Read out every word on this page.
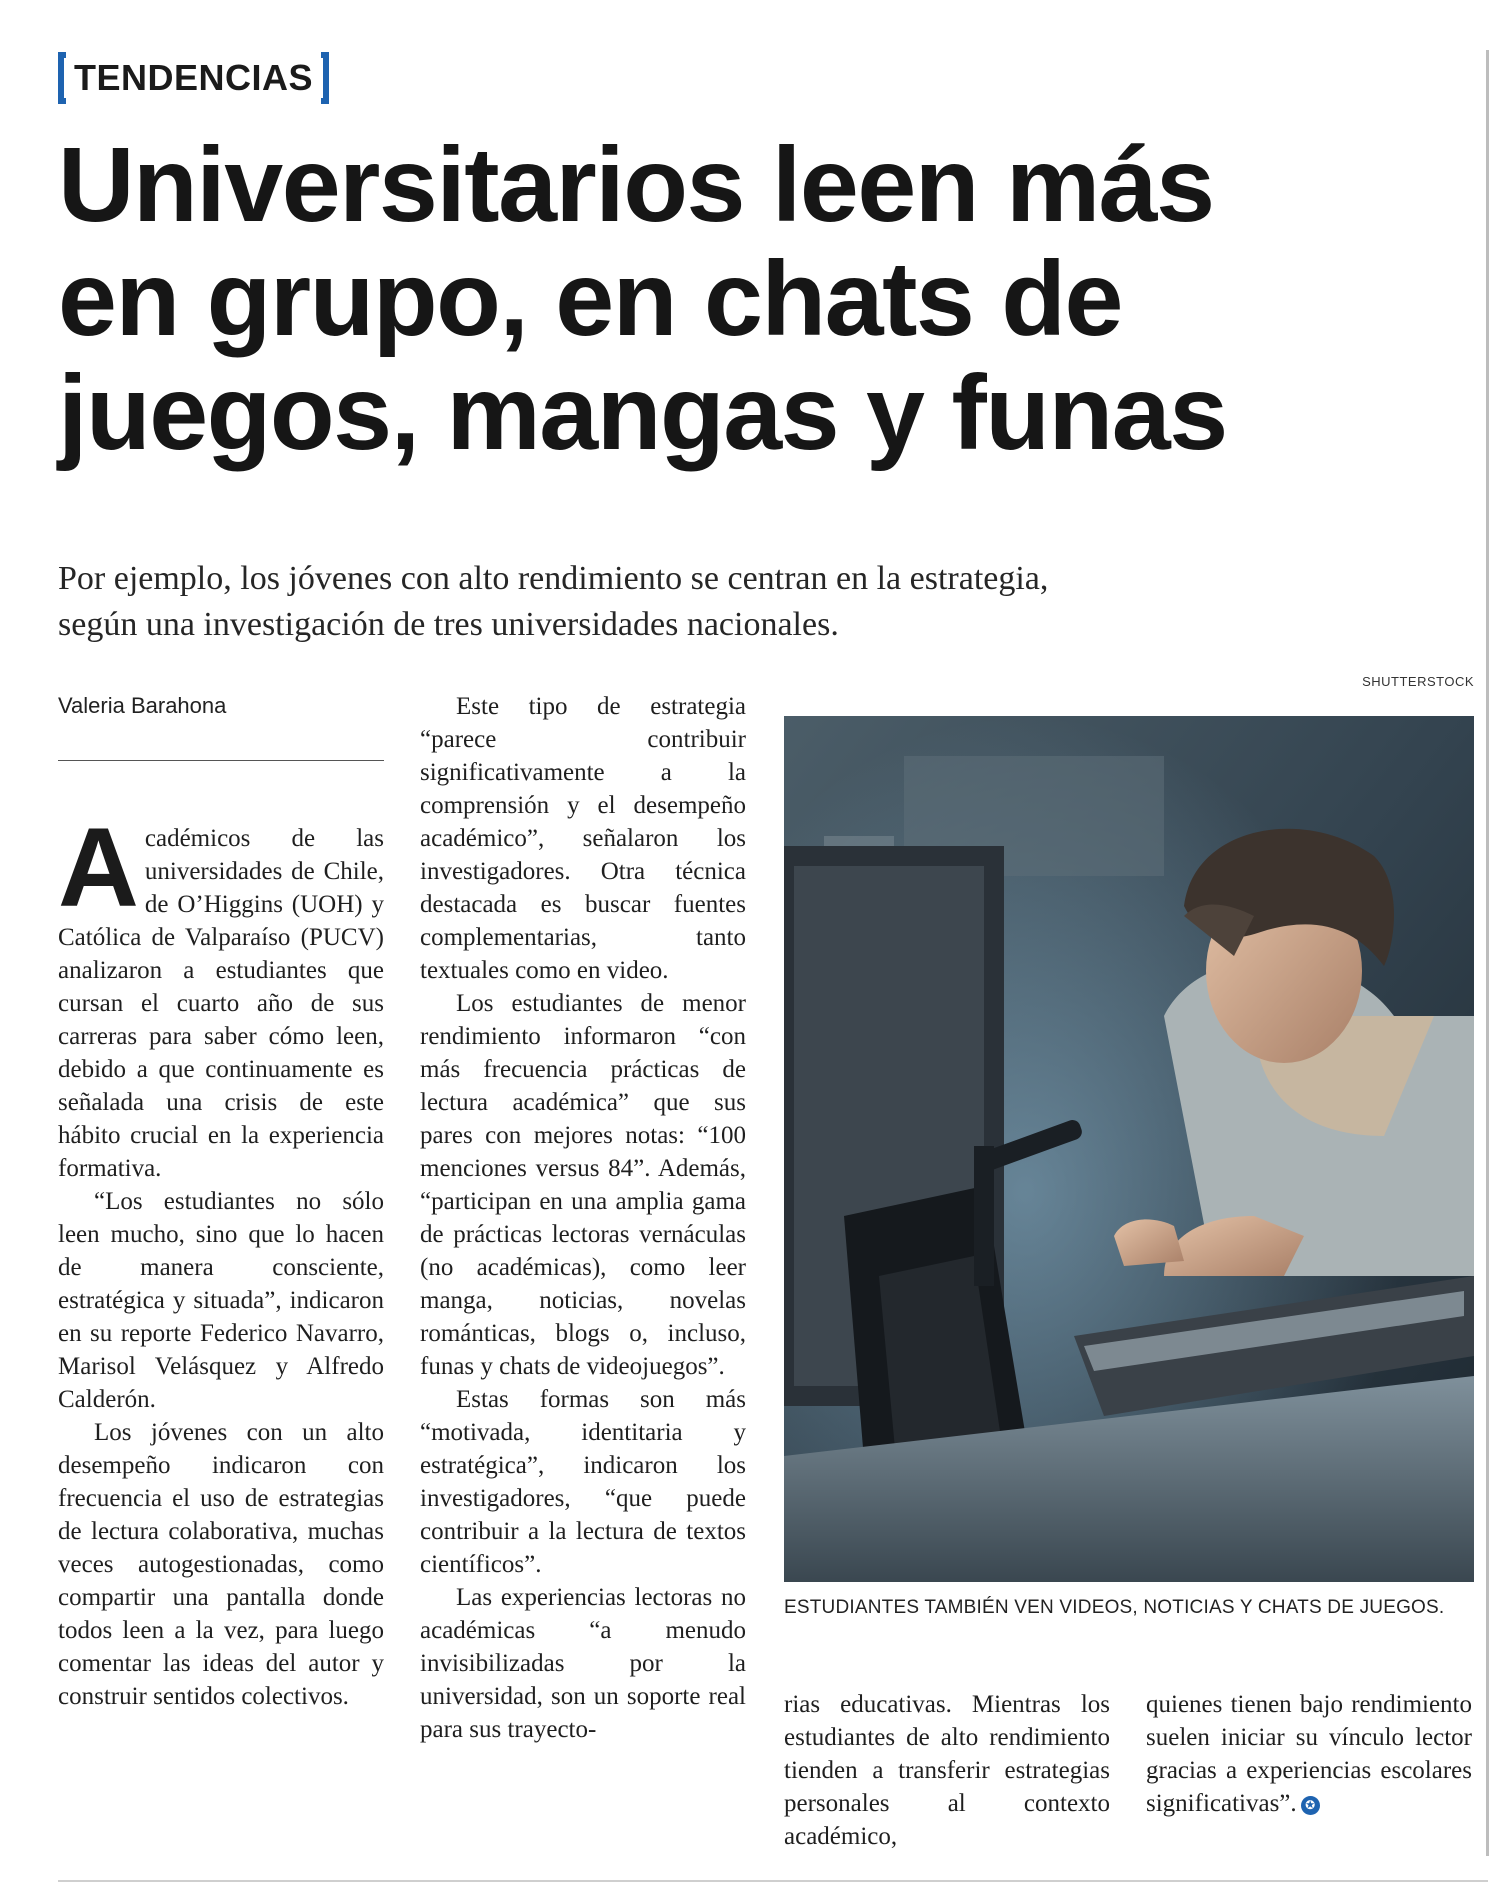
TENDENCIAS
Universitarios leen más
en grupo, en chats de
juegos, mangas y funas
Por ejemplo, los jóvenes con alto rendimiento se centran en la estrategia,
según una investigación de tres universidades nacionales.
SHUTTERSTOCK
Valeria Barahona

Académicos de las universidades de Chile, de O’Higgins (UOH) y Católica de Valparaíso (PUCV) analizaron a estudiantes que cursan el cuarto año de sus carreras para saber cómo leen, debido a que continuamente es señalada una crisis de este hábito crucial en la experiencia formativa.

“Los estudiantes no sólo leen mucho, sino que lo hacen de manera consciente, estratégica y situada”, indicaron en su reporte Federico Navarro, Marisol Velásquez y Alfredo Calderón.

Los jóvenes con un alto desempeño indicaron con frecuencia el uso de estrategias de lectura colaborativa, muchas veces autogestionadas, como compartir una pantalla donde todos leen a la vez, para luego comentar las ideas del autor y construir sentidos colectivos.

Este tipo de estrategia “parece contribuir significativamente a la comprensión y el desempeño académico”, señalaron los investigadores. Otra técnica destacada es buscar fuentes complementarias, tanto textuales como en video.

Los estudiantes de menor rendimiento informaron “con más frecuencia prácticas de lectura académica” que sus pares con mejores notas: “100 menciones versus 84”. Además, “participan en una amplia gama de prácticas lectoras vernáculas (no académicas), como leer manga, noticias, novelas románticas, blogs o, incluso, funas y chats de videojuegos”.

Estas formas son más “motivada, identitaria y estratégica”, indicaron los investigadores, “que puede contribuir a la lectura de textos científicos”.

Las experiencias lectoras no académicas “a menudo invisibilizadas por la universidad, son un soporte real para sus trayecto-

ESTUDIANTES TAMBIÉN VEN VIDEOS, NOTICIAS Y CHATS DE JUEGOS.

rias educativas. Mientras los estudiantes de alto rendimiento tienden a transferir estrategias personales al contexto académico,

quienes tienen bajo rendimiento suelen iniciar su vínculo lector gracias a experiencias escolares significativas”. ✪
